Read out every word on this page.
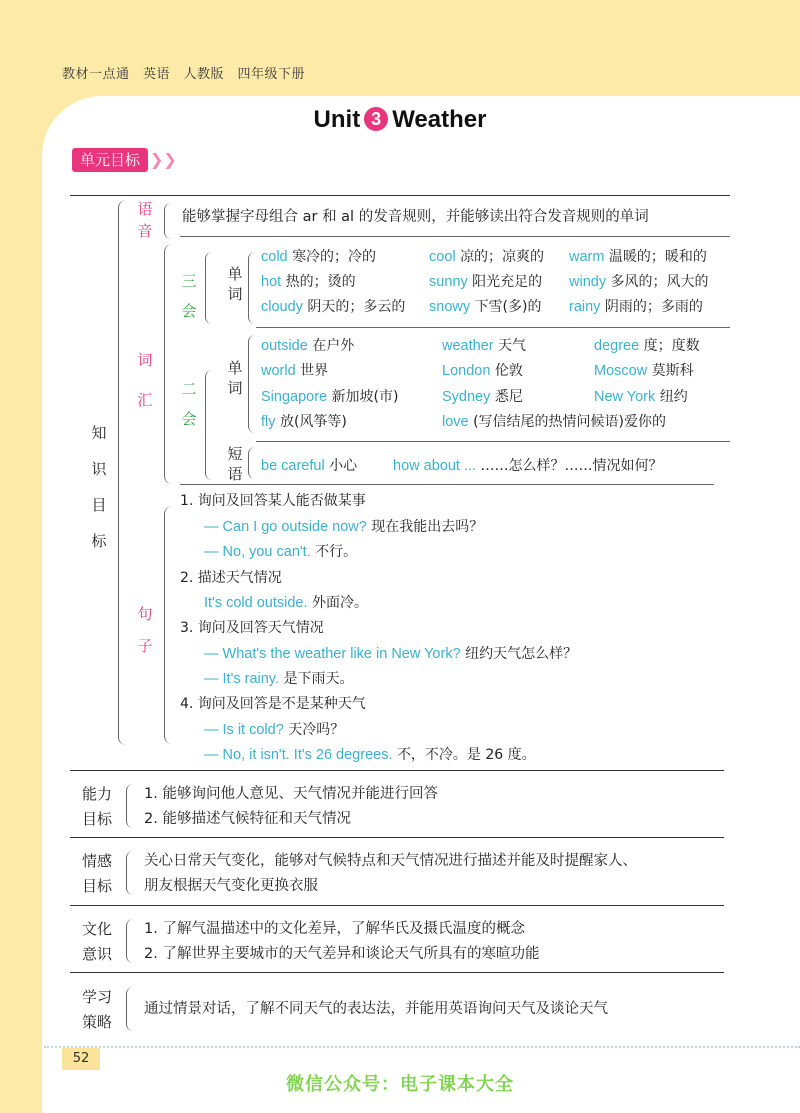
教材一点通　英语　人教版　四年级下册
Unit 3 Weather
单元目标 ❯❯
知
识
目
标
语
音
能够掌握字母组合 ar 和 al 的发音规则，并能够读出符合发音规则的单词
词
汇
三
会
单
词
cold 寒冷的；冷的	cool 凉的；凉爽的 warm 温暖的；暖和的
hot 热的；烫的	sunny 阳光充足的 windy 多风的；风大的
cloudy 阴天的；多云的 snowy 下雪(多)的 rainy 阴雨的；多雨的
二
会
单
词
outside 在户外	weather 天气	degree 度；度数
world 世界	London 伦敦	Moscow 莫斯科
Singapore 新加坡(市)	Sydney 悉尼	New York 纽约
fly 放(风筝等)	love (写信结尾的热情问候语)爱你的
短
语 be careful 小心 how about ... ……怎么样？……情况如何？
句
子
1. 询问及回答某人能否做某事
— Can I go outside now? 现在我能出去吗？
— No, you can't. 不行。
2. 描述天气情况
It's cold outside. 外面冷。
3. 询问及回答天气情况
— What's the weather like in New York? 纽约天气怎么样？
— It's rainy. 是下雨天。
4. 询问及回答是不是某种天气
— Is it cold? 天冷吗？
— No, it isn't. It's 26 degrees. 不，不冷。是 26 度。
能力
目标
1. 能够询问他人意见、天气情况并能进行回答
2. 能够描述气候特征和天气情况
情感
目标
关心日常天气变化，能够对气候特点和天气情况进行描述并能及时提醒家人、
朋友根据天气变化更换衣服
文化
意识
1. 了解气温描述中的文化差异，了解华氏及摄氏温度的概念
2. 了解世界主要城市的天气差异和谈论天气所具有的寒暄功能
学习
策略
通过情景对话，了解不同天气的表达法，并能用英语询问天气及谈论天气
52
微信公众号：电子课本大全
